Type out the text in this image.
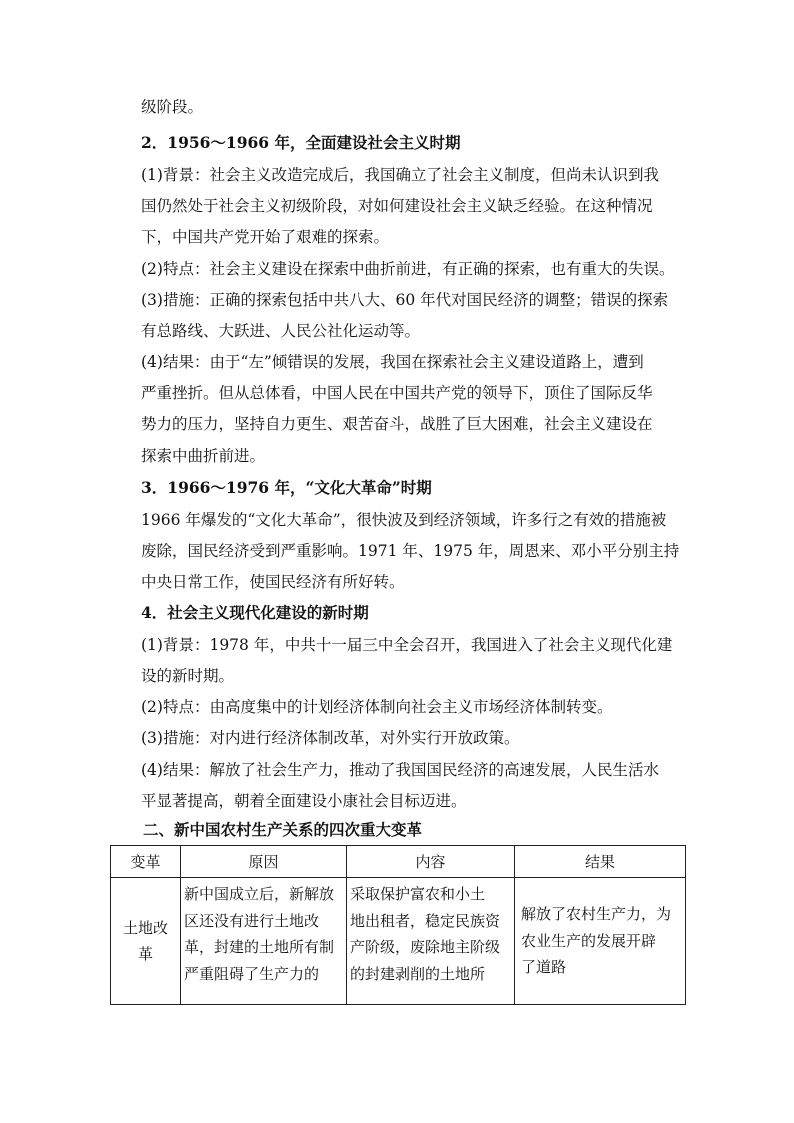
级阶段。
2．1956～1966 年，全面建设社会主义时期
(1)背景：社会主义改造完成后，我国确立了社会主义制度，但尚未认识到我
国仍然处于社会主义初级阶段，对如何建设社会主义缺乏经验。在这种情况
下，中国共产党开始了艰难的探索。
(2)特点：社会主义建设在探索中曲折前进，有正确的探索，也有重大的失误。
(3)措施：正确的探索包括中共八大、60 年代对国民经济的调整；错误的探索
有总路线、大跃进、人民公社化运动等。
(4)结果：由于“左”倾错误的发展，我国在探索社会主义建设道路上，遭到
严重挫折。但从总体看，中国人民在中国共产党的领导下，顶住了国际反华
势力的压力，坚持自力更生、艰苦奋斗，战胜了巨大困难，社会主义建设在
探索中曲折前进。
3．1966～1976 年，“文化大革命”时期
1966 年爆发的“文化大革命”，很快波及到经济领域，许多行之有效的措施被
废除，国民经济受到严重影响。1971 年、1975 年，周恩来、邓小平分别主持
中央日常工作，使国民经济有所好转。
4．社会主义现代化建设的新时期
(1)背景：1978 年，中共十一届三中全会召开，我国进入了社会主义现代化建
设的新时期。
(2)特点：由高度集中的计划经济体制向社会主义市场经济体制转变。
(3)措施：对内进行经济体制改革，对外实行开放政策。
(4)结果：解放了社会生产力，推动了我国国民经济的高速发展，人民生活水
平显著提高，朝着全面建设小康社会目标迈进。
二、新中国农村生产关系的四次重大变革
变革	原因	内容	结果

土地改
革	新中国成立后，新解放
区还没有进行土地改
革，封建的土地所有制
严重阻碍了生产力的	采取保护富农和小土
地出租者，稳定民族资
产阶级，废除地主阶级
的封建剥削的土地所	解放了农村生产力，为
农业生产的发展开辟
了道路
